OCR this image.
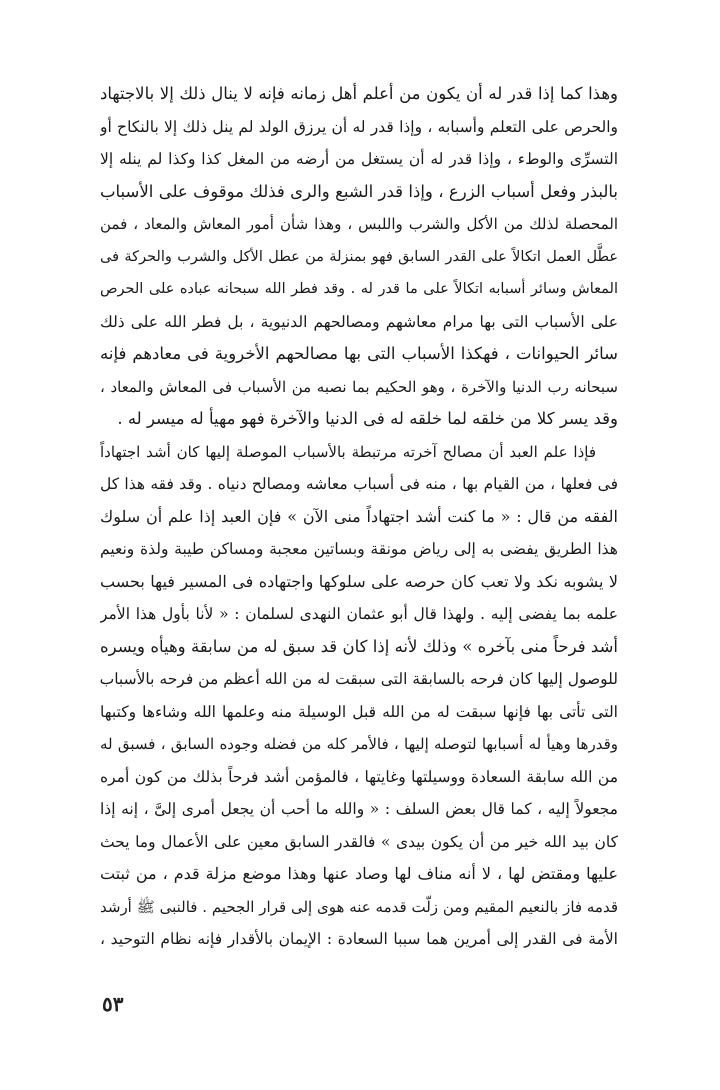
وهذا كما إذا قدر له أن يكون من أعلم أهل زمانه فإنه لا ينال ذلك إلا بالاجتهاد
والحرص على التعلم وأسبابه ، وإذا قدر له أن يرزق الولد لم ينل ذلك إلا بالنكاح أو
التسرِّى والوطء ، وإذا قدر له أن يستغل من أرضه من المغل كذا وكذا لم ينله إلا
بالبذر وفعل أسباب الزرع ، وإذا قدر الشبع والرى فذلك موقوف على الأسباب
المحصلة لذلك من الأكل والشرب واللبس ، وهذا شأن أمور المعاش والمعاد ، فمن
عطَّل العمل اتكالاً على القدر السابق فهو بمنزلة من عطل الأكل والشرب والحركة فى
المعاش وسائر أسبابه اتكالاً على ما قدر له . وقد فطر الله سبحانه عباده على الحرص
على الأسباب التى بها مرام معاشهم ومصالحهم الدنيوية ، بل فطر الله على ذلك
سائر الحيوانات ، فهكذا الأسباب التى بها مصالحهم الأخروية فى معادهم فإنه
سبحانه رب الدنيا والآخرة ، وهو الحكيم بما نصبه من الأسباب فى المعاش والمعاد ،
وقد يسر كلا من خلقه لما خلقه له فى الدنيا والآخرة فهو مهيأ له ميسر له .
فإذا علم العبد أن مصالح آخرته مرتبطة بالأسباب الموصلة إليها كان أشد اجتهاداً
فى فعلها ، من القيام بها ، منه فى أسباب معاشه ومصالح دنياه . وقد فقه هذا كل
الفقه من قال : « ما كنت أشد اجتهاداً منى الآن » فإن العبد إذا علم أن سلوك
هذا الطريق يفضى به إلى رياض مونقة وبساتين معجبة ومساكن طيبة ولذة ونعيم
لا يشوبه نكد ولا تعب كان حرصه على سلوكها واجتهاده فى المسير فيها بحسب
علمه بما يفضى إليه . ولهذا قال أبو عثمان النهدى لسلمان : « لأنا بأول هذا الأمر
أشد فرحاً منى بآخره » وذلك لأنه إذا كان قد سبق له من سابقة وهيأه ويسره
للوصول إليها كان فرحه بالسابقة التى سبقت له من الله أعظم من فرحه بالأسباب
التى تأتى بها فإنها سبقت له من الله قبل الوسيلة منه وعلمها الله وشاءها وكتبها
وقدرها وهيأ له أسبابها لتوصله إليها ، فالأمر كله من فضله وجوده السابق ، فسبق له
من الله سابقة السعادة ووسيلتها وغايتها ، فالمؤمن أشد فرحاً بذلك من كون أمره
مجعولاً إليه ، كما قال بعض السلف : « والله ما أحب أن يجعل أمرى إلىَّ ، إنه إذا
كان بيد الله خير من أن يكون بيدى » فالقدر السابق معين على الأعمال وما يحث
عليها ومقتض لها ، لا أنه مناف لها وصاد عنها وهذا موضع مزلة قدم ، من ثبتت
قدمه فاز بالنعيم المقيم ومن زلّت قدمه عنه هوى إلى قرار الجحيم . فالنبى ﷺ أرشد
الأمة فى القدر إلى أمرين هما سببا السعادة : الإيمان بالأقدار فإنه نظام التوحيد ،
٥٣
